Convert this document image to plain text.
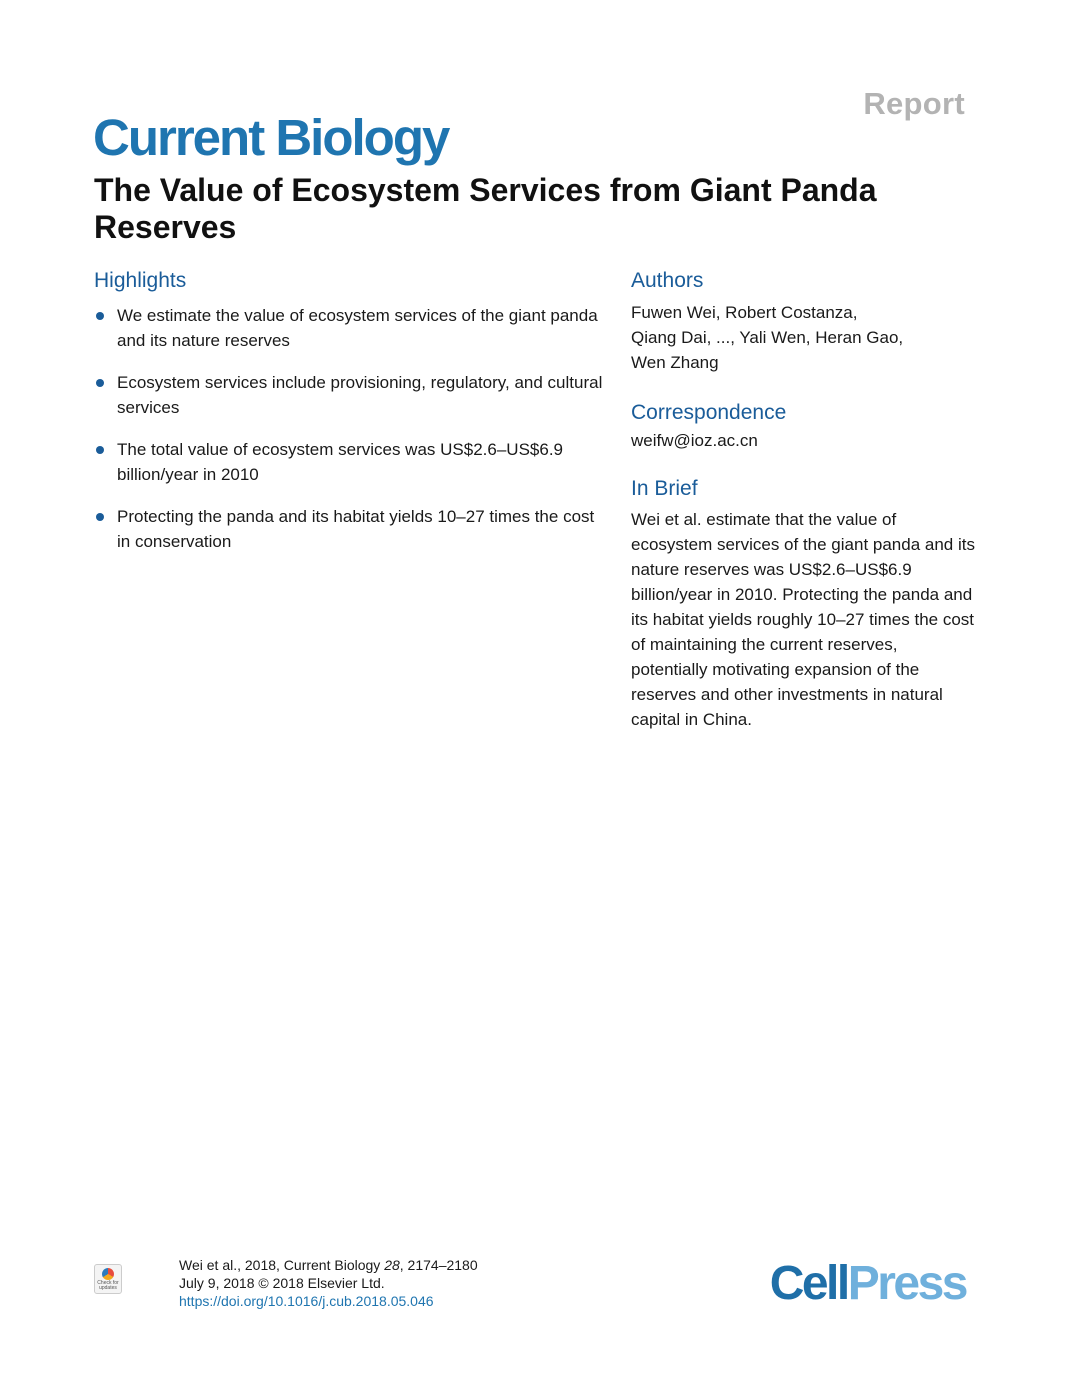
Report
Current Biology
The Value of Ecosystem Services from Giant Panda Reserves
Highlights
We estimate the value of ecosystem services of the giant panda and its nature reserves
Ecosystem services include provisioning, regulatory, and cultural services
The total value of ecosystem services was US$2.6–US$6.9 billion/year in 2010
Protecting the panda and its habitat yields 10–27 times the cost in conservation
Authors

Fuwen Wei, Robert Costanza,

Qiang Dai, ..., Yali Wen, Heran Gao,

Wen Zhang

Correspondence

weifw@ioz.ac.cn

In Brief

Wei et al. estimate that the value of ecosystem services of the giant panda and its nature reserves was US$2.6–US$6.9 billion/year in 2010. Protecting the panda and its habitat yields roughly 10–27 times the cost of maintaining the current reserves, potentially motivating expansion of the reserves and other investments in natural capital in China.

Check for updates
Wei et al., 2018, Current Biology 28, 2174–2180
July 9, 2018 © 2018 Elsevier Ltd.
https://doi.org/10.1016/j.cub.2018.05.046	CellPress
